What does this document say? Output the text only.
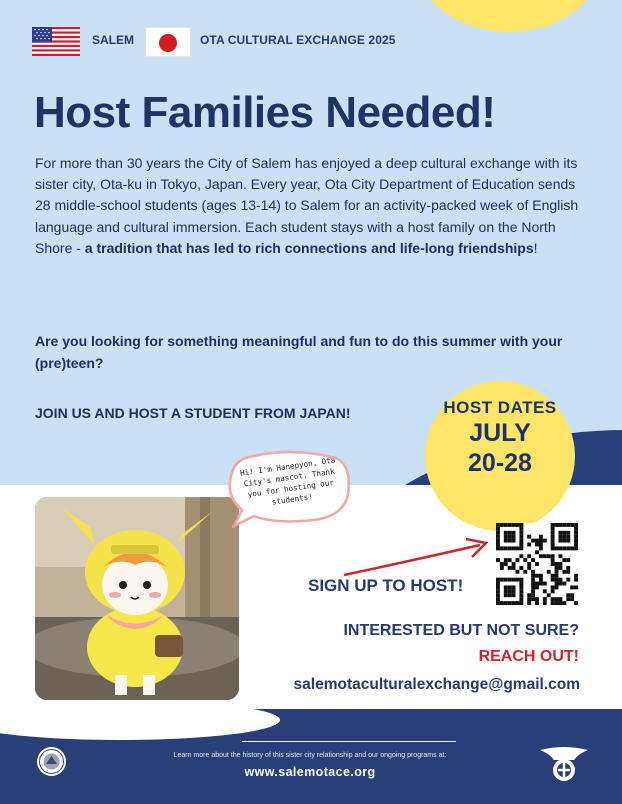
SALEM	OTA CULTURAL EXCHANGE 2025
Host Families Needed!

For more than 30 years the City of Salem has enjoyed a deep cultural exchange with its sister city, Ota-ku in Tokyo, Japan. Every year, Ota City Department of Education sends 28 middle-school students (ages 13-14) to Salem for an activity-packed week of English language and cultural immersion. Each student stays with a host family on the North Shore - a tradition that has led to rich connections and life-long friendships!

Are you looking for something meaningful and fun to do this summer with your (pre)teen?

JOIN US AND HOST A STUDENT FROM JAPAN!	HOST DATES
JULY
20-28
Hi! I'm Hanepyon, Ota City's mascot. Thank you for hosting our students!
SIGN UP TO HOST!
INTERESTED BUT NOT SURE?
REACH OUT!
salemotaculturalexchange@gmail.com
Learn more about the history of this sister city relationship and our ongoing programs at:
www.salemotace.org
